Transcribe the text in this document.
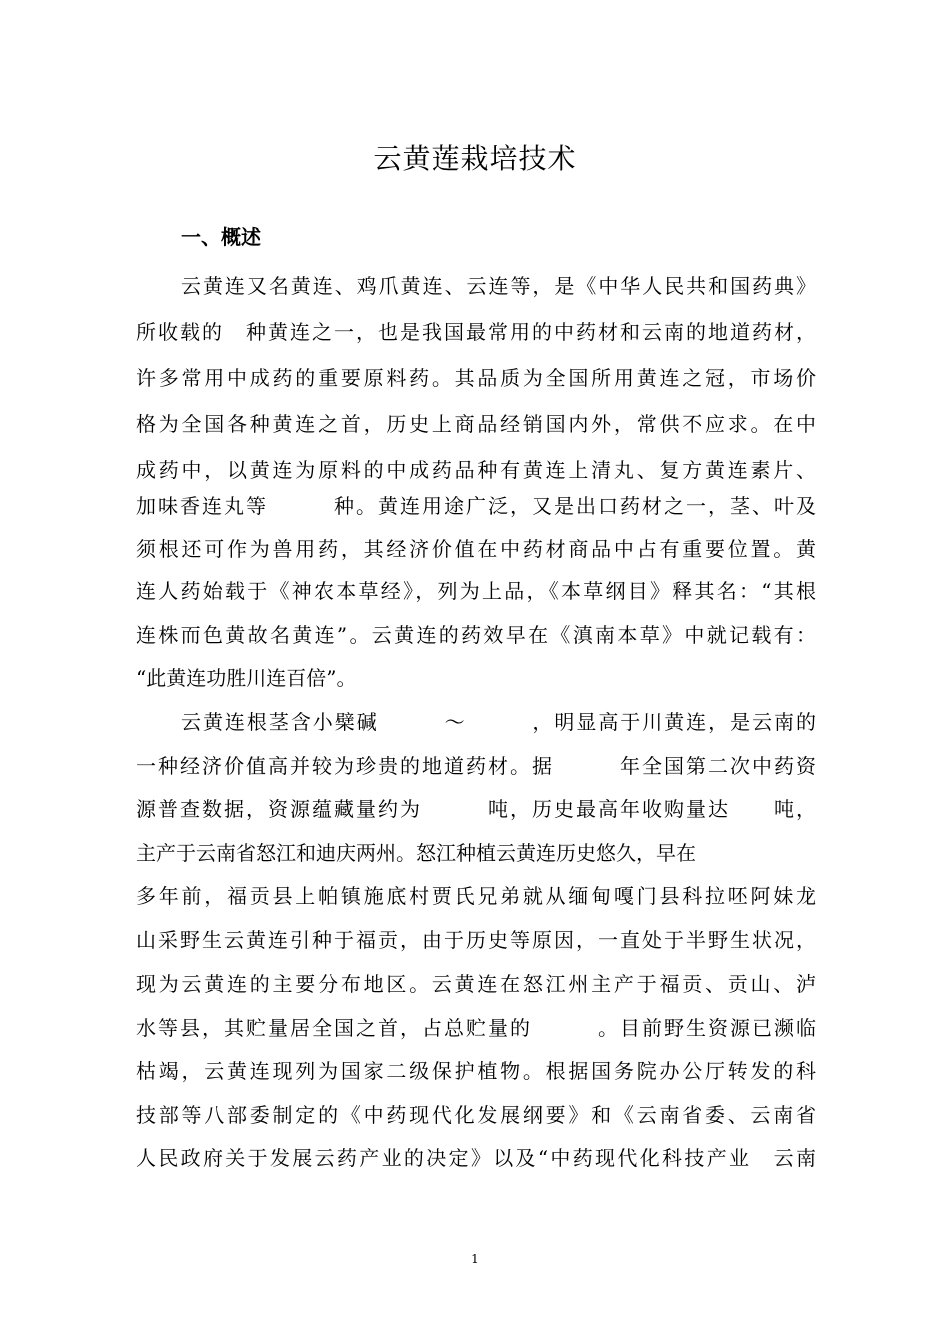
云黄莲栽培技术
一、概述
云黄连又名黄连、鸡爪黄连、云连等，是《中华人民共和国药典》
所收载的　种黄连之一，也是我国最常用的中药材和云南的地道药材，
许多常用中成药的重要原料药。其品质为全国所用黄连之冠，市场价
格为全国各种黄连之首，历史上商品经销国内外，常供不应求。在中
成药中，以黄连为原料的中成药品种有黄连上清丸、复方黄连素片、
加味香连丸等　　　种。黄连用途广泛，又是出口药材之一，茎、叶及
须根还可作为兽用药，其经济价值在中药材商品中占有重要位置。黄
连人药始载于《神农本草经》，列为上品，《本草纲目》释其名：“其根
连株而色黄故名黄连”。云黄连的药效早在《滇南本草》中就记载有：
“此黄连功胜川连百倍”。
云黄连根茎含小檗碱　　　～　　　，明显高于川黄连，是云南的
一种经济价值高并较为珍贵的地道药材。据　　　年全国第二次中药资
源普查数据，资源蕴藏量约为　　　吨，历史最高年收购量达　　吨，
主产于云南省怒江和迪庆两州。怒江种植云黄连历史悠久，早在
多年前，福贡县上帕镇施底村贾氏兄弟就从缅甸嘎门县科拉呸阿妹龙
山采野生云黄连引种于福贡，由于历史等原因，一直处于半野生状况，
现为云黄连的主要分布地区。云黄连在怒江州主产于福贡、贡山、泸
水等县，其贮量居全国之首，占总贮量的　　　。目前野生资源已濒临
枯竭，云黄连现列为国家二级保护植物。根据国务院办公厅转发的科
技部等八部委制定的《中药现代化发展纲要》和《云南省委、云南省
人民政府关于发展云药产业的决定》以及“中药现代化科技产业　云南
1
